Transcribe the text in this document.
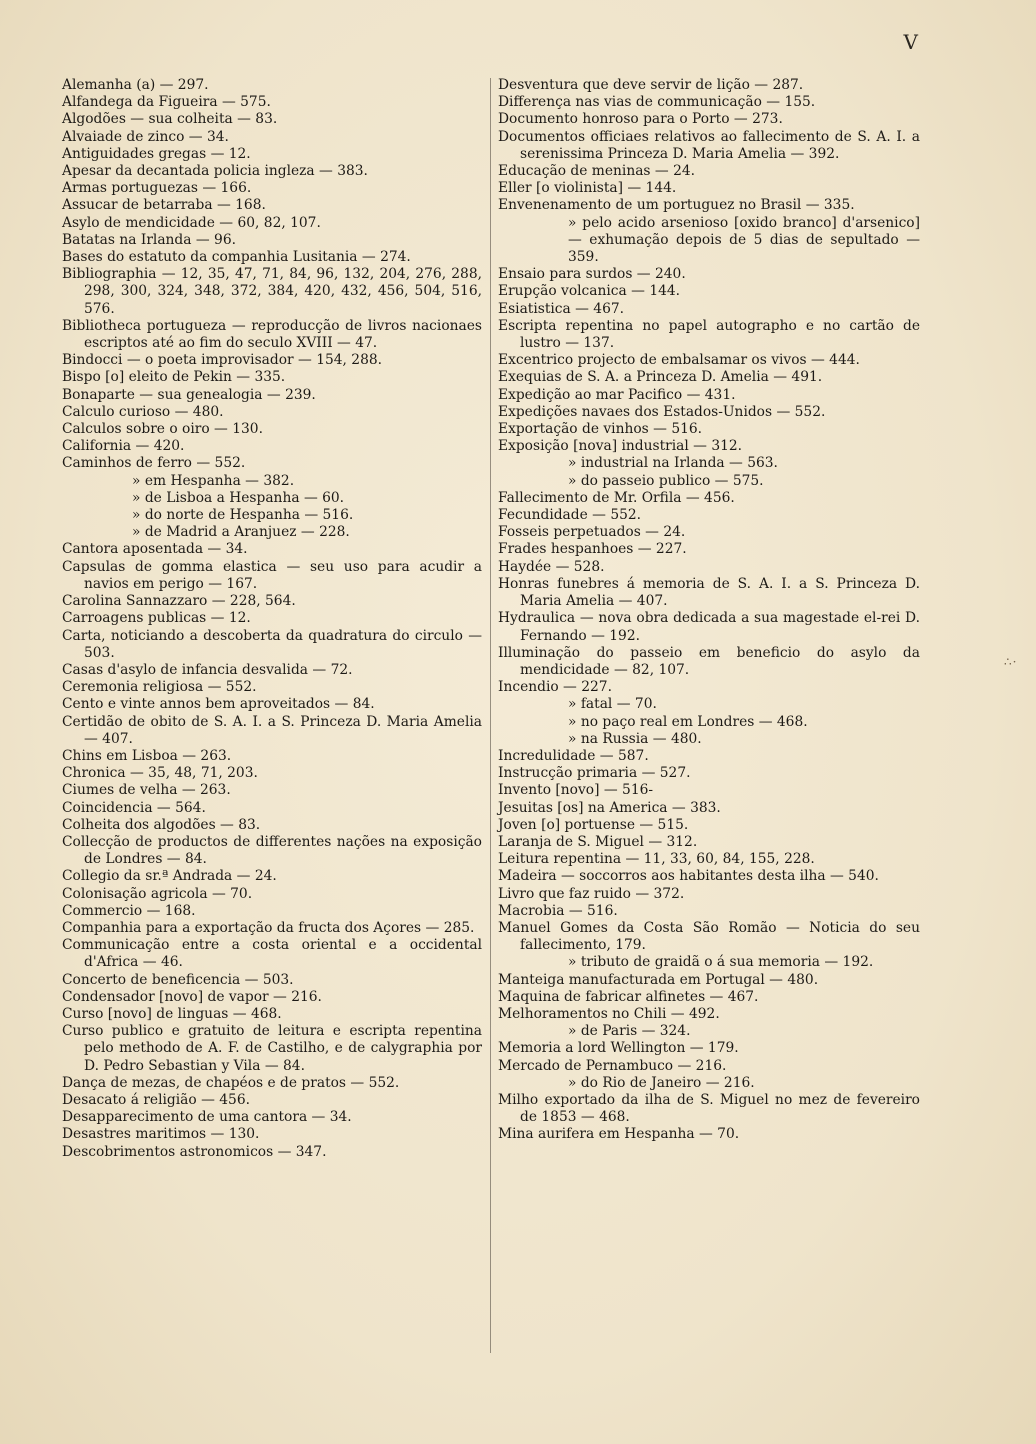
V

Alemanha (a) — 297.

Alfandega da Figueira — 575.

Algodões — sua colheita — 83.

Alvaiade de zinco — 34.

Antiguidades gregas — 12.

Apesar da decantada policia ingleza — 383.

Armas portuguezas — 166.

Assucar de betarraba — 168.

Asylo de mendicidade — 60, 82, 107.

Batatas na Irlanda — 96.

Bases do estatuto da companhia Lusitania — 274.

Bibliographia — 12, 35, 47, 71, 84, 96, 132, 204, 276, 288, 298, 300, 324, 348, 372, 384, 420, 432, 456, 504, 516, 576.

Bibliotheca portugueza — reproducção de livros nacionaes escriptos até ao fim do seculo XVIII — 47.

Bindocci — o poeta improvisador — 154, 288.

Bispo [o] eleito de Pekin — 335.

Bonaparte — sua genealogia — 239.

Calculo curioso — 480.

Calculos sobre o oiro — 130.

California — 420.

Caminhos de ferro — 552.

» em Hespanha — 382.

» de Lisboa a Hespanha — 60.

» do norte de Hespanha — 516.

» de Madrid a Aranjuez — 228.

Cantora aposentada — 34.

Capsulas de gomma elastica — seu uso para acudir a navios em perigo — 167.

Carolina Sannazzaro — 228, 564.

Carroagens publicas — 12.

Carta, noticiando a descoberta da quadratura do circulo — 503.

Casas d'asylo de infancia desvalida — 72.

Ceremonia religiosa — 552.

Cento e vinte annos bem aproveitados — 84.

Certidão de obito de S. A. I. a S. Princeza D. Maria Amelia — 407.

Chins em Lisboa — 263.

Chronica — 35, 48, 71, 203.

Ciumes de velha — 263.

Coincidencia — 564.

Colheita dos algodões — 83.

Collecção de productos de differentes nações na exposição de Londres — 84.

Collegio da sr.ª Andrada — 24.

Colonisação agricola — 70.

Commercio — 168.

Companhia para a exportação da fructa dos Açores — 285.

Communicação entre a costa oriental e a occidental d'Africa — 46.

Concerto de beneficencia — 503.

Condensador [novo] de vapor — 216.

Curso [novo] de linguas — 468.

Curso publico e gratuito de leitura e escripta repentina pelo methodo de A. F. de Castilho, e de calygraphia por D. Pedro Sebastian y Vila — 84.

Dança de mezas, de chapéos e de pratos — 552.

Desacato á religião — 456.

Desapparecimento de uma cantora — 34.

Desastres maritimos — 130.

Descobrimentos astronomicos — 347.

Desventura que deve servir de lição — 287.

Differença nas vias de communicação — 155.

Documento honroso para o Porto — 273.

Documentos officiaes relativos ao fallecimento de S. A. I. a serenissima Princeza D. Maria Amelia — 392.

Educação de meninas — 24.

Eller [o violinista] — 144.

Envenenamento de um portuguez no Brasil — 335.

» pelo acido arsenioso [oxido branco] d'arsenico] — exhumação depois de 5 dias de sepultado — 359.

Ensaio para surdos — 240.

Erupção volcanica — 144.

Esiatistica — 467.

Escripta repentina no papel autographo e no cartão de lustro — 137.

Excentrico projecto de embalsamar os vivos — 444.

Exequias de S. A. a Princeza D. Amelia — 491.

Expedição ao mar Pacifico — 431.

Expedições navaes dos Estados-Unidos — 552.

Exportação de vinhos — 516.

Exposição [nova] industrial — 312.

» industrial na Irlanda — 563.

» do passeio publico — 575.

Fallecimento de Mr. Orfila — 456.

Fecundidade — 552.

Fosseis perpetuados — 24.

Frades hespanhoes — 227.

Haydée — 528.

Honras funebres á memoria de S. A. I. a S. Princeza D. Maria Amelia — 407.

Hydraulica — nova obra dedicada a sua magestade el-rei D. Fernando — 192.

Illuminação do passeio em beneficio do asylo da mendicidade — 82, 107.

Incendio — 227.

» fatal — 70.

» no paço real em Londres — 468.

» na Russia — 480.

Incredulidade — 587.

Instrucção primaria — 527.

Invento [novo] — 516-

Jesuitas [os] na America — 383.

Joven [o] portuense — 515.

Laranja de S. Miguel — 312.

Leitura repentina — 11, 33, 60, 84, 155, 228.

Madeira — soccorros aos habitantes desta ilha — 540.

Livro que faz ruido — 372.

Macrobia — 516.

Manuel Gomes da Costa São Romão — Noticia do seu fallecimento, 179.

» tributo de graidã o á sua memoria — 192.

Manteiga manufacturada em Portugal — 480.

Maquina de fabricar alfinetes — 467.

Melhoramentos no Chili — 492.

» de Paris — 324.

Memoria a lord Wellington — 179.

Mercado de Pernambuco — 216.

» do Rio de Janeiro — 216.

Milho exportado da ilha de S. Miguel no mez de fevereiro de 1853 — 468.

Mina aurifera em Hespanha — 70.

∴·
